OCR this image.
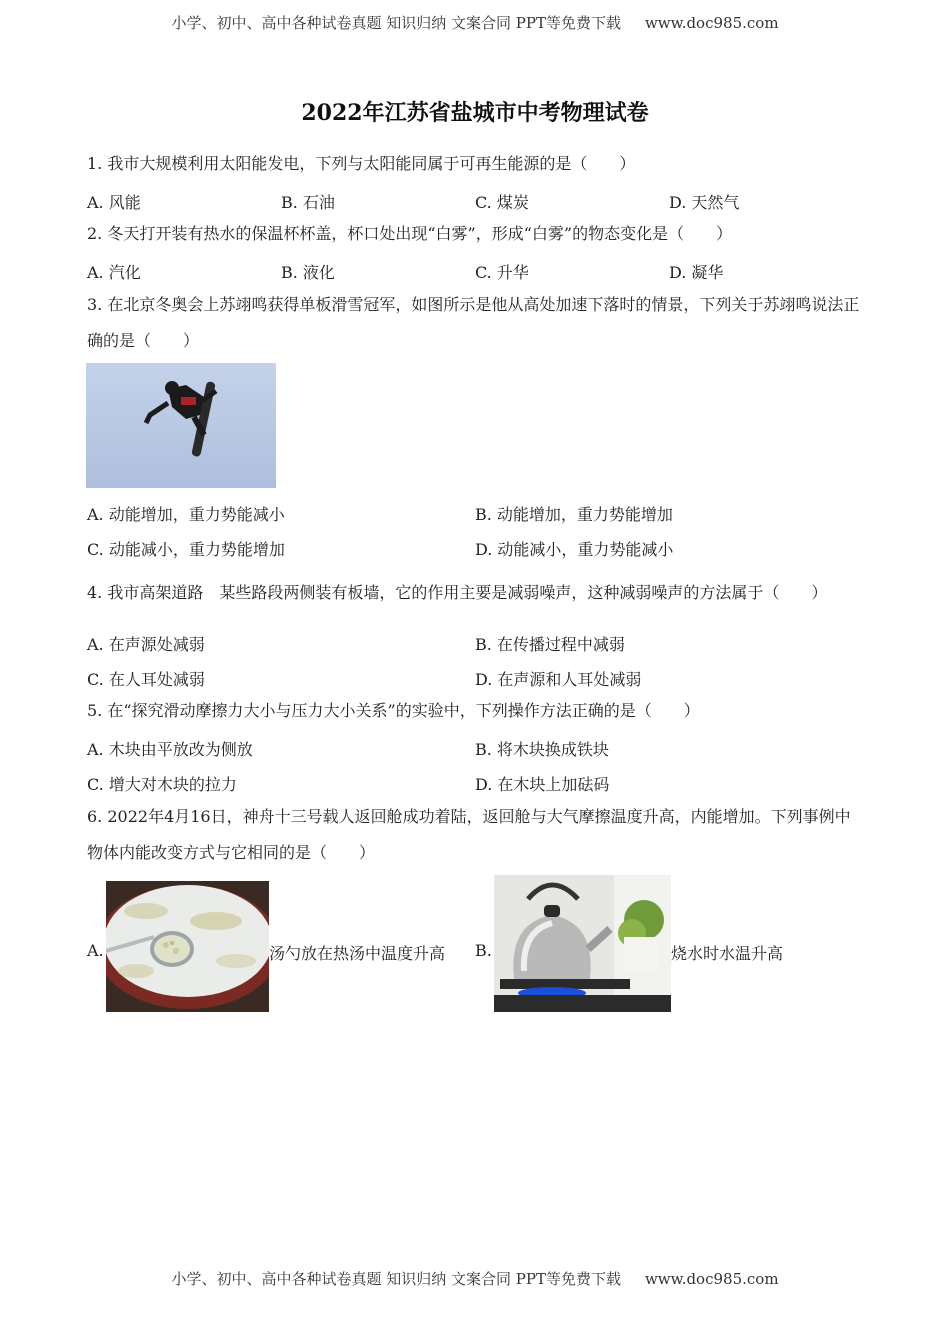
小学、初中、高中各种试卷真题 知识归纳 文案合同 PPT等免费下载 www.doc985.com
2022年江苏省盐城市中考物理试卷
1. 我市大规模利用太阳能发电，下列与太阳能同属于可再生能源的是（　　）
A. 风能	B. 石油	C. 煤炭	D. 天然气
2. 冬天打开装有热水的保温杯杯盖，杯口处出现“白雾”，形成“白雾”的物态变化是（　　）
A. 汽化	B. 液化	C. 升华	D. 凝华
3. 在北京冬奥会上苏翊鸣获得单板滑雪冠军，如图所示是他从高处加速下落时的情景，下列关于苏翊鸣说法正确的是（　　）
A. 动能增加，重力势能减小	B. 动能增加，重力势能增加
C. 动能减小，重力势能增加	D. 动能减小，重力势能减小
4. 我市高架道路　某些路段两侧装有板墙，它的作用主要是减弱噪声，这种减弱噪声的方法属于（　　）
A. 在声源处减弱	B. 在传播过程中减弱
C. 在人耳处减弱	D. 在声源和人耳处减弱
5. 在“探究滑动摩擦力大小与压力大小关系”的实验中，下列操作方法正确的是（　　）
A. 木块由平放改为侧放	B. 将木块换成铁块
C. 增大对木块的拉力	D. 在木块上加砝码
6. 2022年4月16日，神舟十三号载人返回舱成功着陆，返回舱与大气摩擦温度升高，内能增加。下列事例中物体内能改变方式与它相同的是（　　）
A.	汤勺放在热汤中温度升高 B.	烧水时水温升高
小学、初中、高中各种试卷真题 知识归纳 文案合同 PPT等免费下载 www.doc985.com
